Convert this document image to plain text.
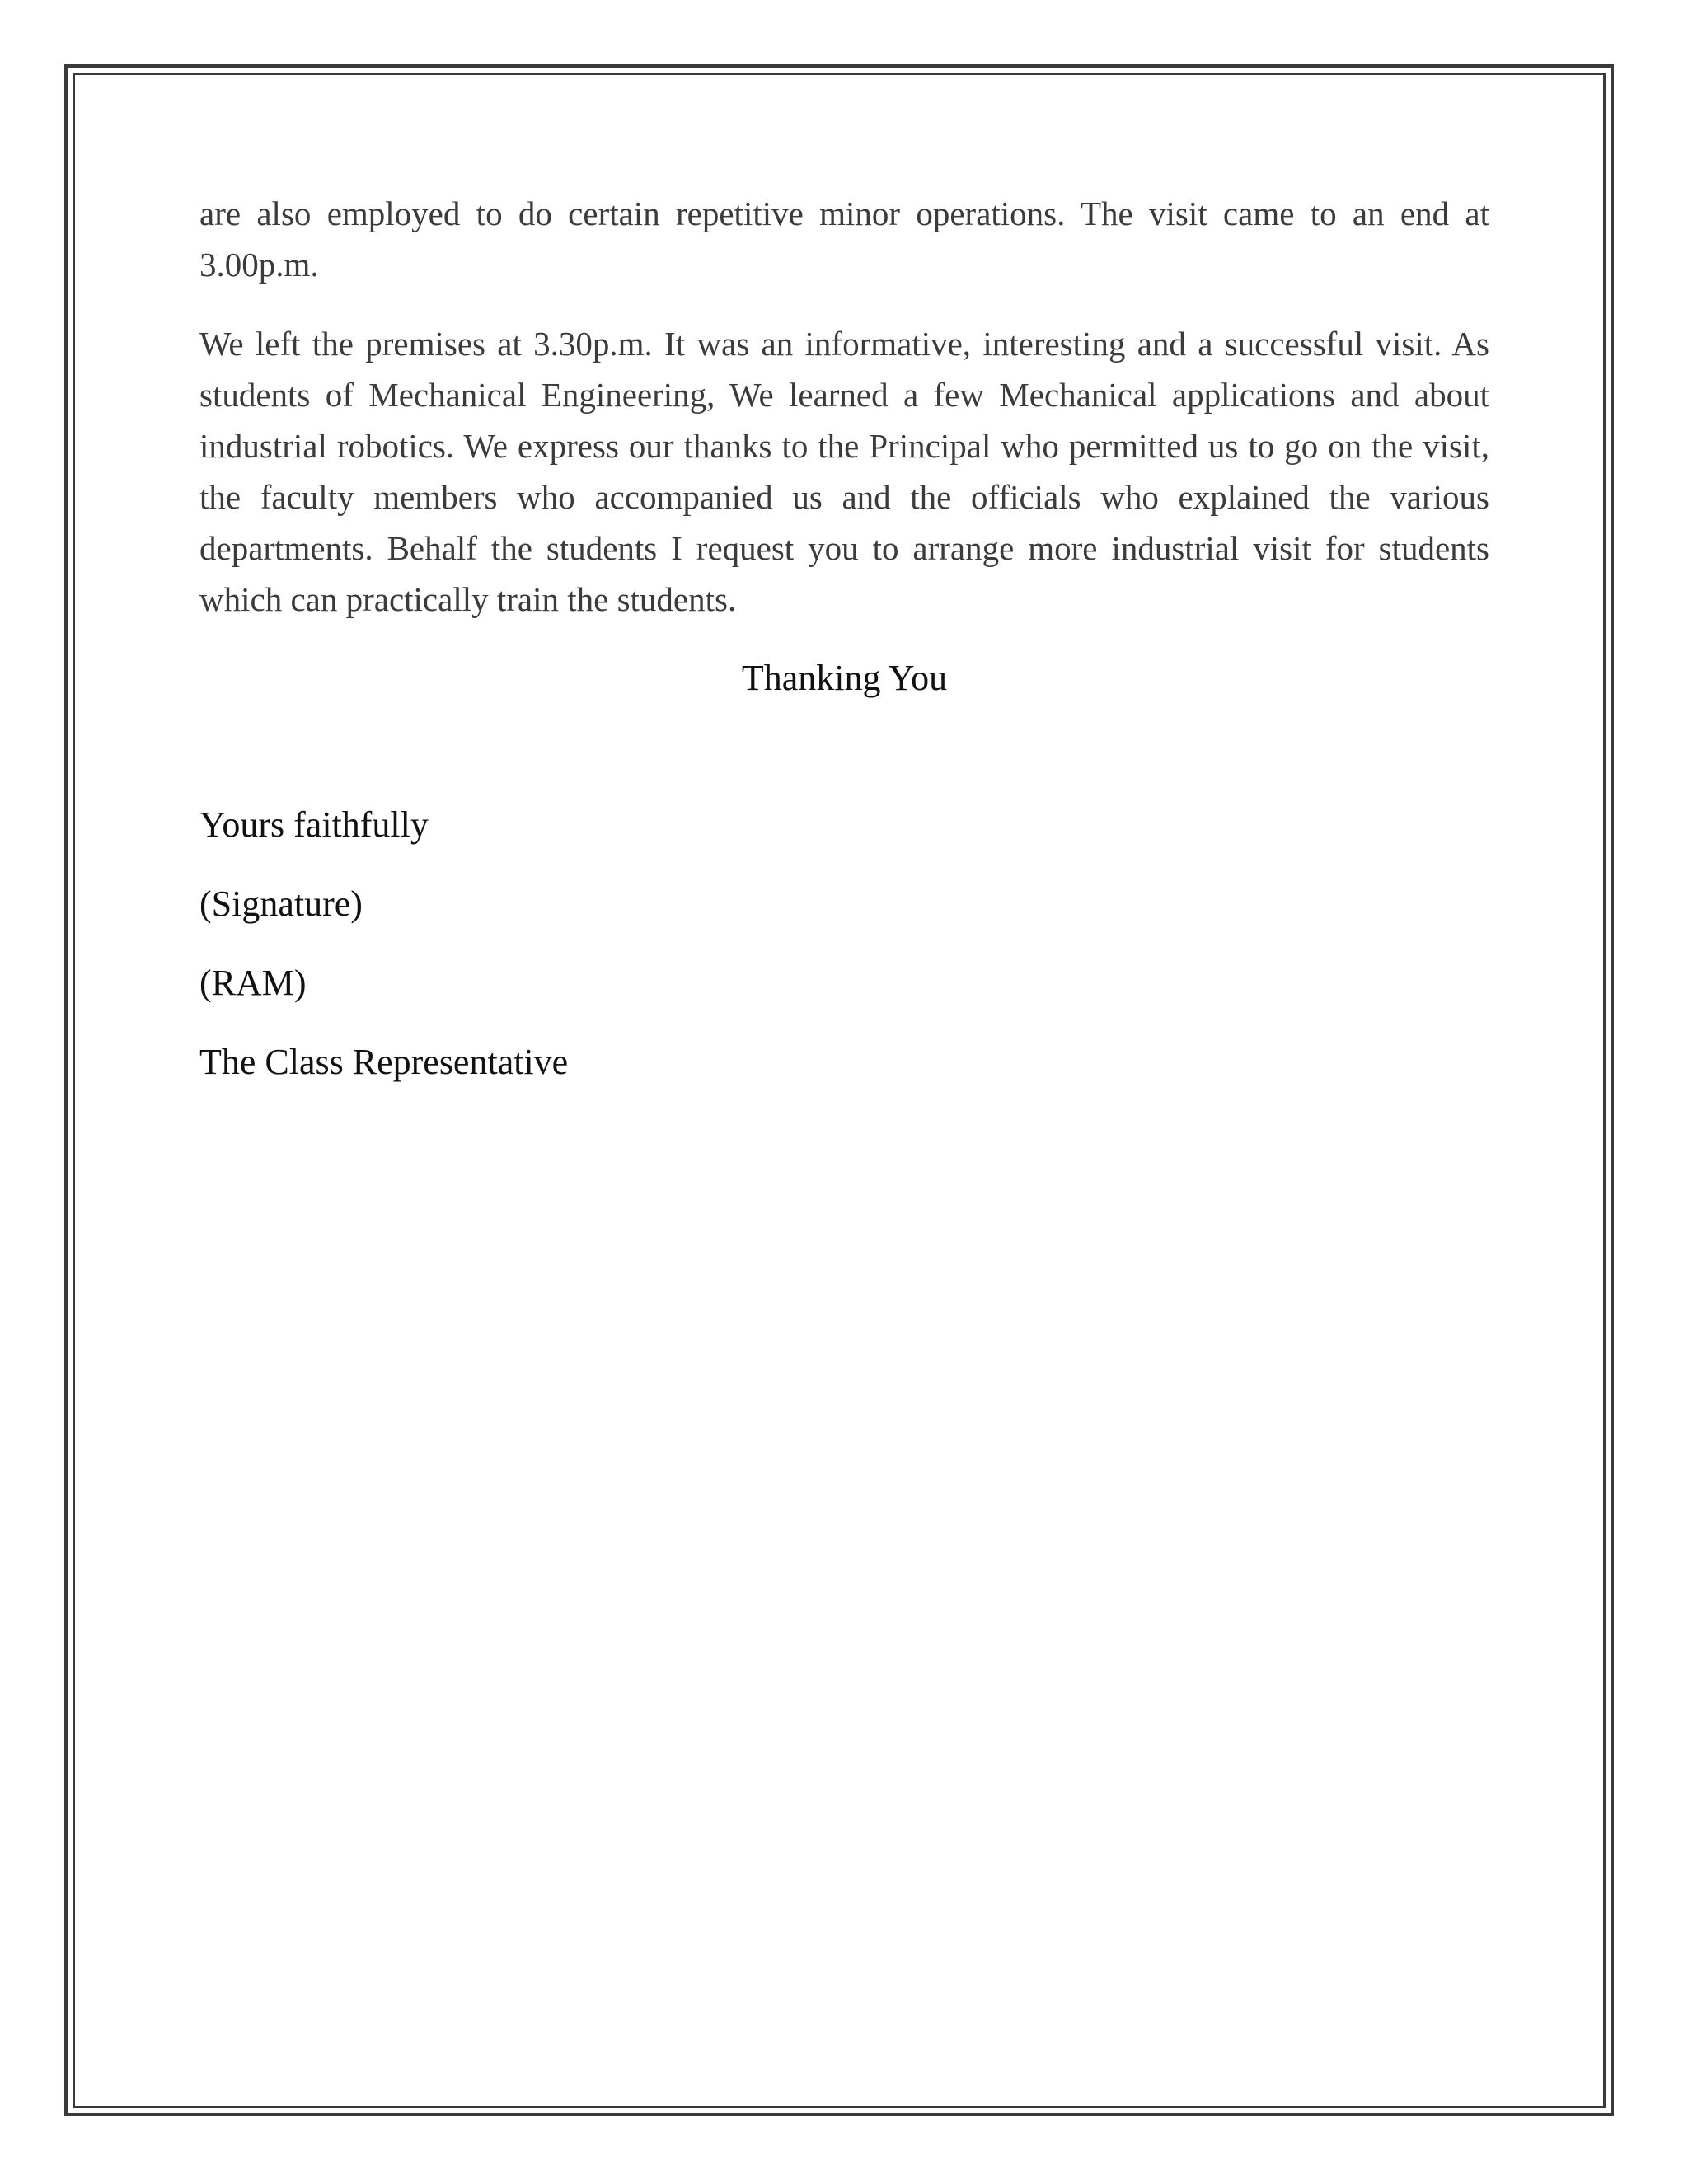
are also employed to do certain repetitive minor operations. The visit came to an end at 3.00p.m.

We left the premises at 3.30p.m. It was an informative, interesting and a successful visit. As students of Mechanical Engineering, We learned a few Mechanical applications and about industrial robotics. We express our thanks to the Principal who permitted us to go on the visit, the faculty members who accompanied us and the officials who explained the various departments. Behalf the students I request you to arrange more industrial visit for students which can practically train the students.

Thanking You

Yours faithfully

(Signature)

(RAM)

The Class Representative
